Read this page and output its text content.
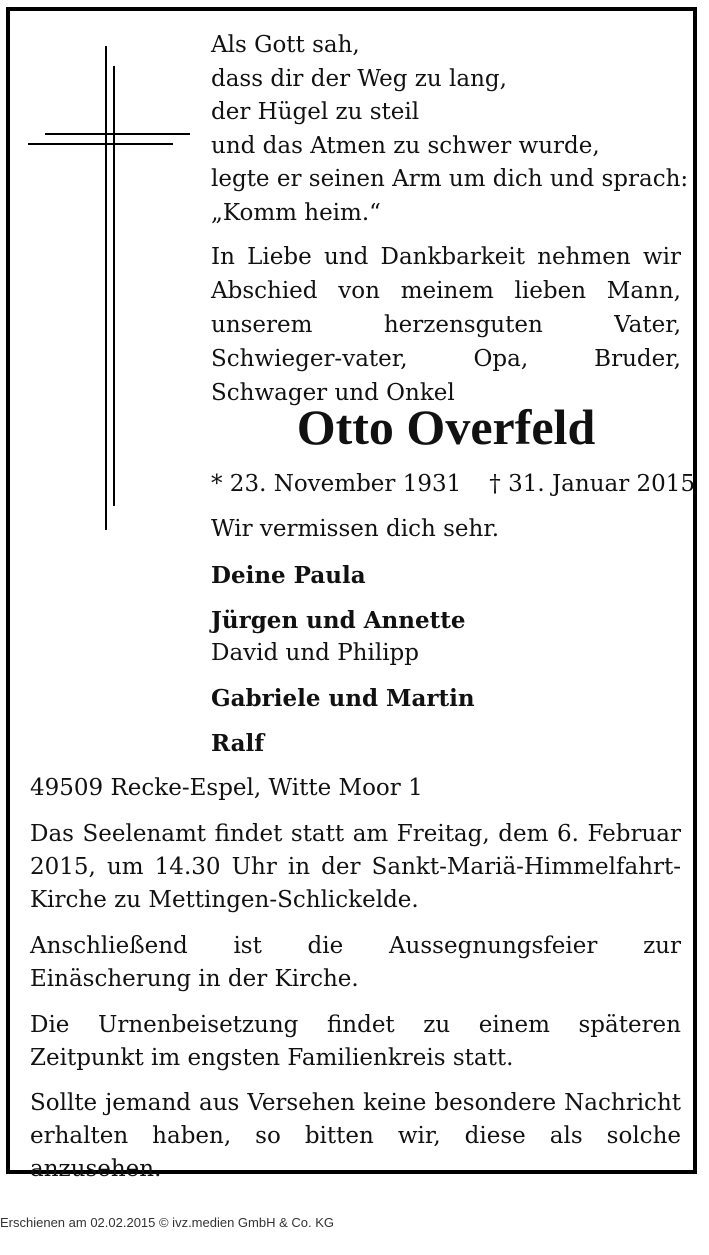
Als Gott sah,
dass dir der Weg zu lang,
der Hügel zu steil
und das Atmen zu schwer wurde,
legte er seinen Arm um dich und sprach:
„Komm heim.“
In Liebe und Dankbarkeit nehmen wir Abschied von meinem lieben Mann, unserem herzensguten Vater, Schwieger-vater, Opa, Bruder, Schwager und Onkel
Otto Overfeld
* 23. November 1931 † 31. Januar 2015
Wir vermissen dich sehr.
Deine Paula
Jürgen und Annette
David und Philipp
Gabriele und Martin
Ralf
49509 Recke-Espel, Witte Moor 1
Das Seelenamt findet statt am Freitag, dem 6. Februar 2015, um 14.30 Uhr in der Sankt-Mariä-Himmelfahrt-Kirche zu Mettingen-Schlickelde.
Anschließend ist die Aussegnungsfeier zur Einäscherung in der Kirche.
Die Urnenbeisetzung findet zu einem späteren Zeitpunkt im engsten Familienkreis statt.
Sollte jemand aus Versehen keine besondere Nachricht erhalten haben, so bitten wir, diese als solche anzusehen.
Erschienen am 02.02.2015 © ivz.medien GmbH & Co. KG
